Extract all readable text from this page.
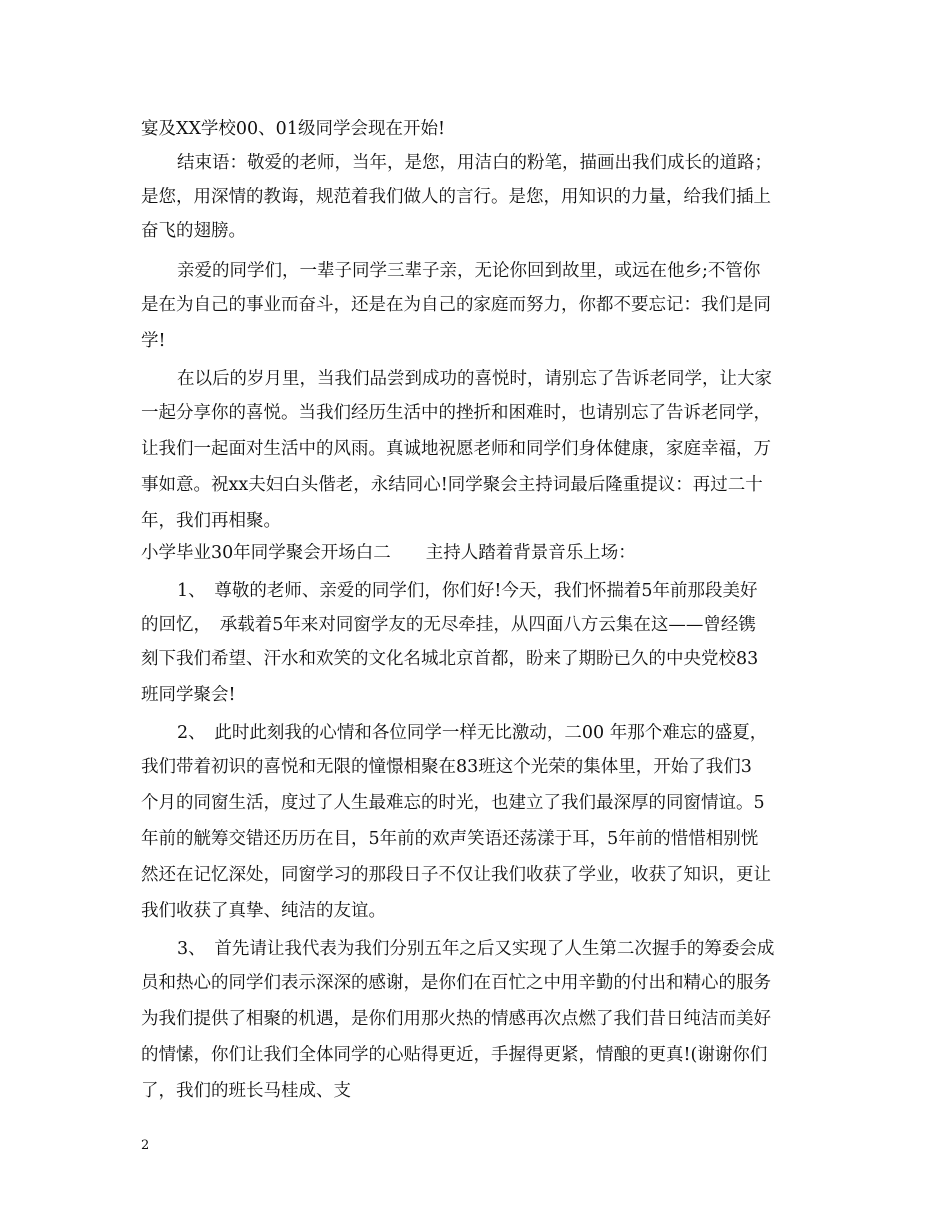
宴及XX学校00、01级同学会现在开始!
结束语：敬爱的老师，当年，是您，用洁白的粉笔，描画出我们成长的道路；
是您，用深情的教诲，规范着我们做人的言行。是您，用知识的力量，给我们插上
奋飞的翅膀。
亲爱的同学们，一辈子同学三辈子亲，无论你回到故里，或远在他乡;不管你
是在为自己的事业而奋斗，还是在为自己的家庭而努力，你都不要忘记：我们是同
学!
在以后的岁月里，当我们品尝到成功的喜悦时，请别忘了告诉老同学，让大家
一起分享你的喜悦。当我们经历生活中的挫折和困难时，也请别忘了告诉老同学，
让我们一起面对生活中的风雨。真诚地祝愿老师和同学们身体健康，家庭幸福，万
事如意。祝xx夫妇白头偕老，永结同心!同学聚会主持词最后隆重提议：再过二十
年，我们再相聚。
小学毕业30年同学聚会开场白二　　主持人踏着背景音乐上场：
1、　尊敬的老师、亲爱的同学们，你们好!今天，我们怀揣着5年前那段美好
的回忆，　承载着5年来对同窗学友的无尽牵挂，从四面八方云集在这——曾经镌
刻下我们希望、汗水和欢笑的文化名城北京首都，盼来了期盼已久的中央党校83
班同学聚会!
2、　此时此刻我的心情和各位同学一样无比激动，二00 年那个难忘的盛夏，
我们带着初识的喜悦和无限的憧憬相聚在83班这个光荣的集体里，开始了我们3
个月的同窗生活，度过了人生最难忘的时光，也建立了我们最深厚的同窗情谊。5
年前的觥筹交错还历历在目，5年前的欢声笑语还荡漾于耳，5年前的惜惜相别恍
然还在记忆深处，同窗学习的那段日子不仅让我们收获了学业，收获了知识，更让
我们收获了真挚、纯洁的友谊。
3、　首先请让我代表为我们分别五年之后又实现了人生第二次握手的筹委会成
员和热心的同学们表示深深的感谢，是你们在百忙之中用辛勤的付出和精心的服务
为我们提供了相聚的机遇，是你们用那火热的情感再次点燃了我们昔日纯洁而美好
的情愫，你们让我们全体同学的心贴得更近，手握得更紧，情酿的更真!(谢谢你们
了，我们的班长马桂成、支
2
